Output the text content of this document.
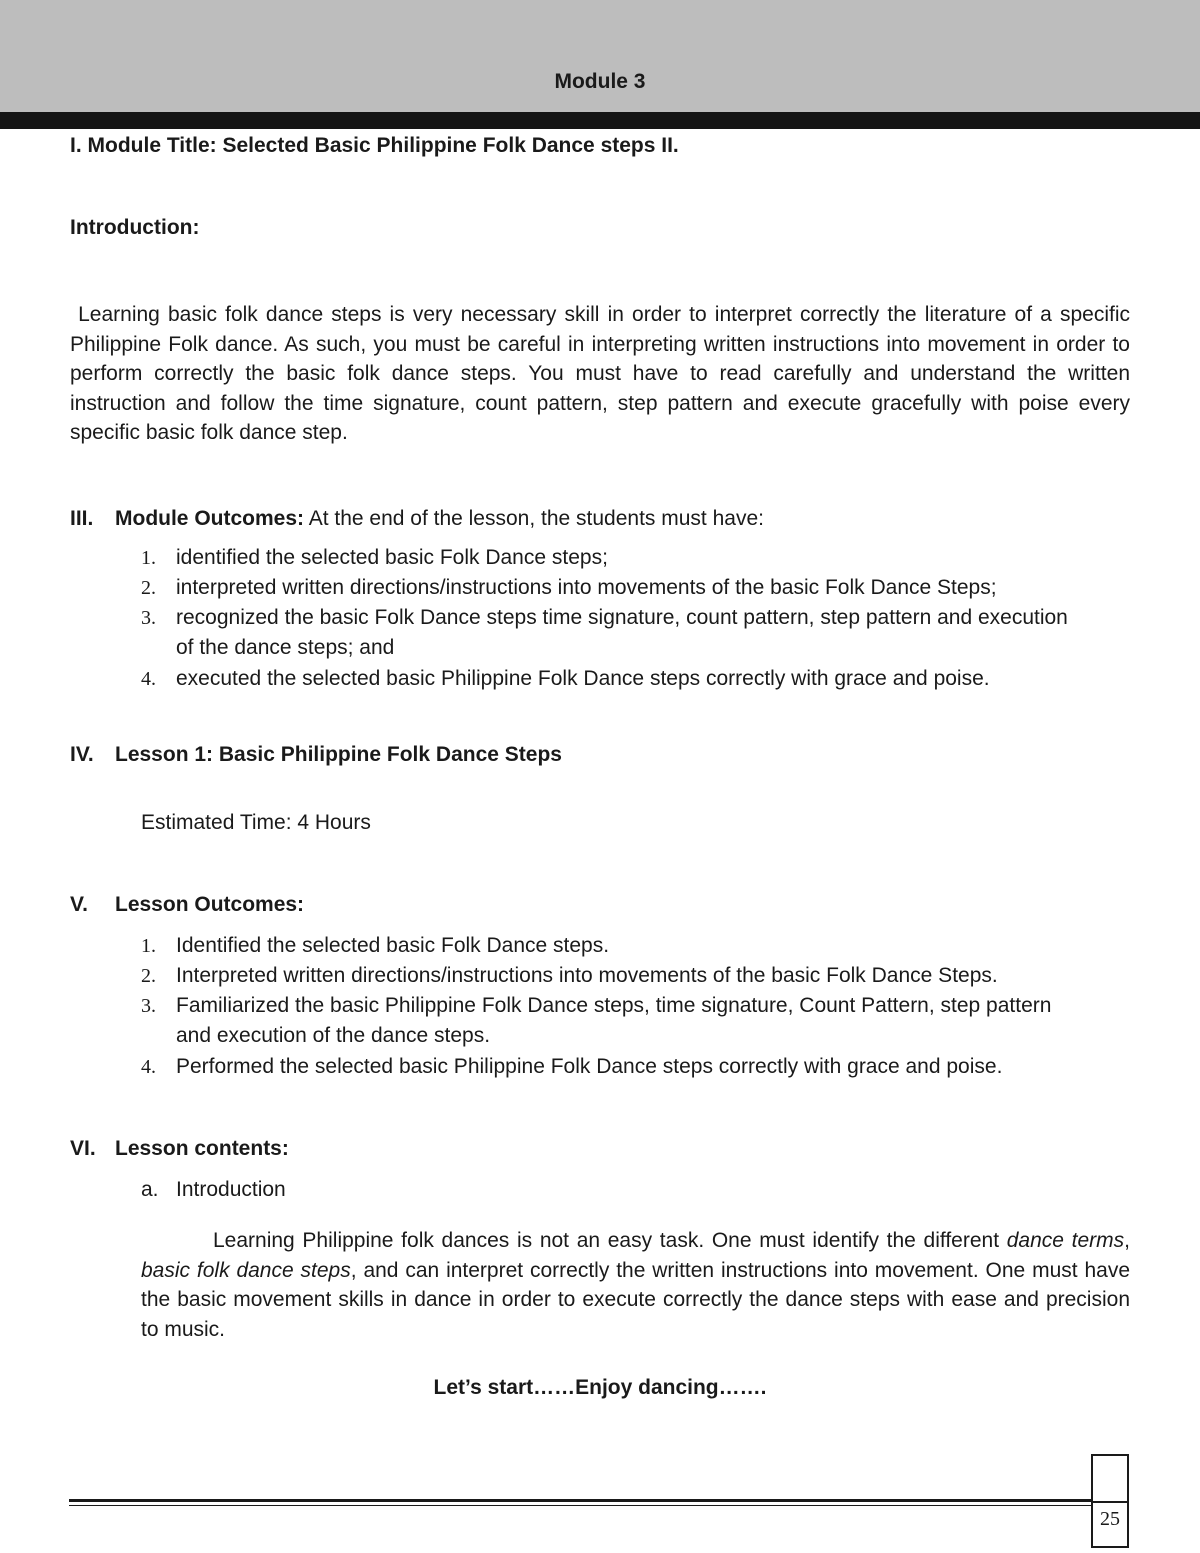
Module 3
I. Module Title: Selected Basic Philippine Folk Dance steps II.
Introduction:
Learning basic folk dance steps is very necessary skill in order to interpret correctly the literature of a specific Philippine Folk dance. As such, you must be careful in interpreting written instructions into movement in order to perform correctly the basic folk dance steps. You must have to read carefully and understand the written instruction and follow the time signature, count pattern, step pattern and execute gracefully with poise every specific basic folk dance step.
III. Module Outcomes: At the end of the lesson, the students must have:
1. identified the selected basic Folk Dance steps;
2. interpreted written directions/instructions into movements of the basic Folk Dance Steps;
3. recognized the basic Folk Dance steps time signature, count pattern, step pattern and execution of the dance steps; and
4. executed the selected basic Philippine Folk Dance steps correctly with grace and poise.
IV. Lesson 1: Basic Philippine Folk Dance Steps
Estimated Time: 4 Hours
V. Lesson Outcomes:
1. Identified the selected basic Folk Dance steps.
2. Interpreted written directions/instructions into movements of the basic Folk Dance Steps.
3. Familiarized the basic Philippine Folk Dance steps, time signature, Count Pattern, step pattern and execution of the dance steps.
4. Performed the selected basic Philippine Folk Dance steps correctly with grace and poise.
VI. Lesson contents:
a. Introduction
Learning Philippine folk dances is not an easy task. One must identify the different dance terms, basic folk dance steps, and can interpret correctly the written instructions into movement. One must have the basic movement skills in dance in order to execute correctly the dance steps with ease and precision to music.
Let’s start……Enjoy dancing…….
25
